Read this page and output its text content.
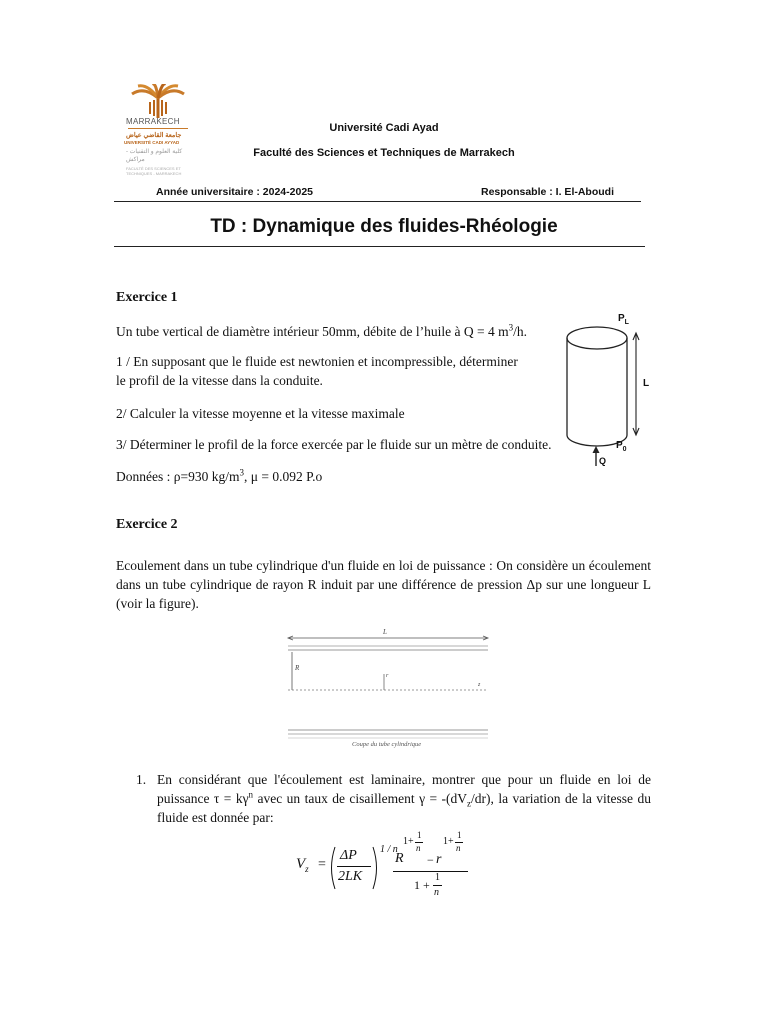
MARRAKECH
جامعة القاضي عياض
UNIVERSITÉ CADI AYYAD
كلية العلوم و التقنيات - مراكش
FACULTÉ DES SCIENCES ET TECHNIQUES - MARRAKECH
Université Cadi Ayad
Faculté des Sciences et Techniques de Marrakech
Année universitaire : 2024-2025	Responsable : I. El-Aboudi
TD : Dynamique des fluides-Rhéologie
Exercice 1
Un tube vertical de diamètre intérieur 50mm, débite de l’huile à Q = 4 $m^3/h$.
1 / En supposant que le fluide est newtonien et incompressible, déterminer
le profil de la vitesse dans la conduite.
2/ Calculer la vitesse moyenne et la vitesse maximale
3/ Déterminer le profil de la force exercée par le fluide sur un mètre de conduite.
Données : ρ=930 $kg/m^3$, μ = 0.092 P.o
$P_L$
L
$P_0$
Q
Exercice 2
Ecoulement dans un tube cylindrique d'un fluide en loi de puissance : On considère un écoulement dans un tube cylindrique de rayon R induit par une différence de pression Δp sur une longueur L (voir la figure).
L
R
r
z
Coupe du tube cylindrique
1. En considérant que l'écoulement est laminaire, montrer que pour un fluide en loi de puissance $\tau = k\gamma^n$ avec un taux de cisaillement $\gamma = -(dV_z/dr)$, la variation de la vitesse du fluide est donnée par:
$V_z$ =
ΔP
2LK
1 / n
R
1+
1
n
− r
1+
1
n
1 +
1
n
